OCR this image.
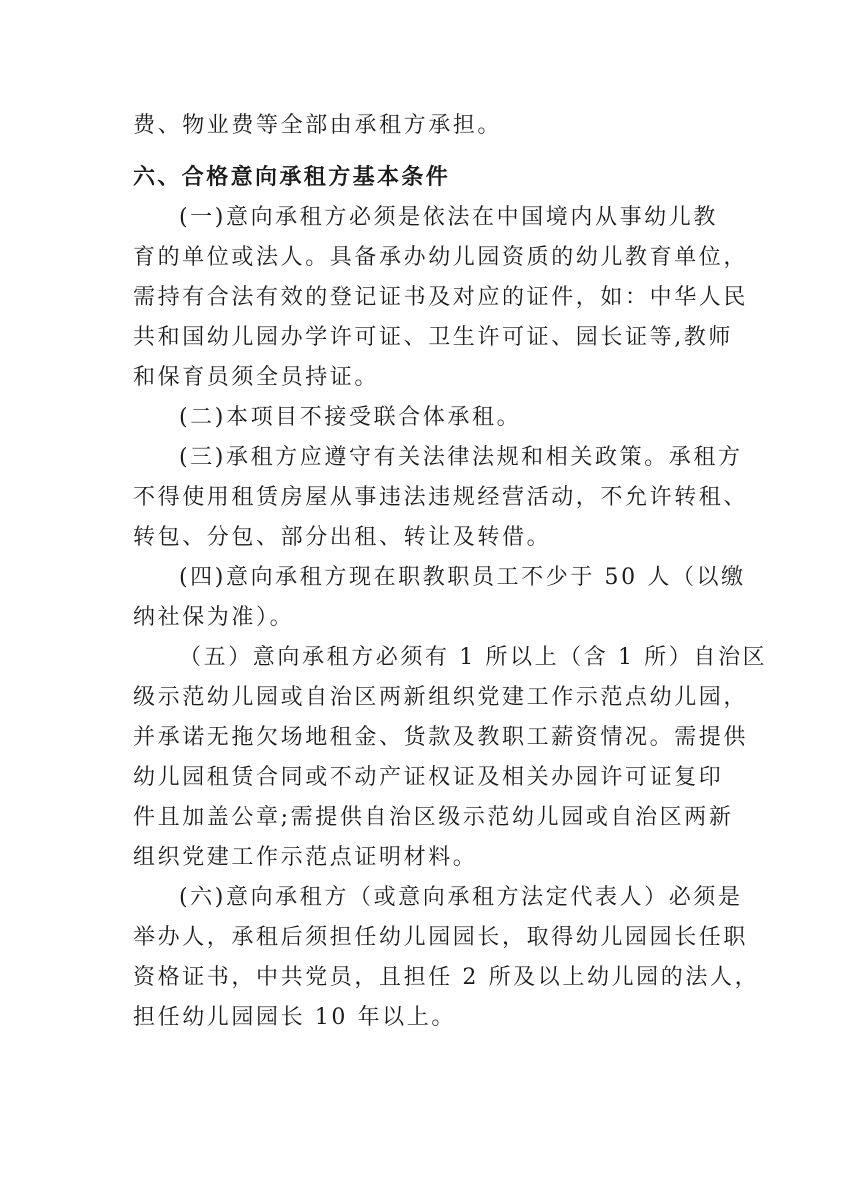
费、物业费等全部由承租方承担。
六、合格意向承租方基本条件
(一)意向承租方必须是依法在中国境内从事幼儿教
育的单位或法人。具备承办幼儿园资质的幼儿教育单位，
需持有合法有效的登记证书及对应的证件，如：中华人民
共和国幼儿园办学许可证、卫生许可证、园长证等,教师
和保育员须全员持证。
(二)本项目不接受联合体承租。
(三)承租方应遵守有关法律法规和相关政策。承租方
不得使用租赁房屋从事违法违规经营活动，不允许转租、
转包、分包、部分出租、转让及转借。
(四)意向承租方现在职教职员工不少于 50 人（以缴
纳社保为准）。
（五）意向承租方必须有 1 所以上（含 1 所）自治区
级示范幼儿园或自治区两新组织党建工作示范点幼儿园，
并承诺无拖欠场地租金、货款及教职工薪资情况。需提供
幼儿园租赁合同或不动产证权证及相关办园许可证复印
件且加盖公章;需提供自治区级示范幼儿园或自治区两新
组织党建工作示范点证明材料。
(六)意向承租方（或意向承租方法定代表人）必须是
举办人，承租后须担任幼儿园园长，取得幼儿园园长任职
资格证书，中共党员，且担任 2 所及以上幼儿园的法人，
担任幼儿园园长 10 年以上。
